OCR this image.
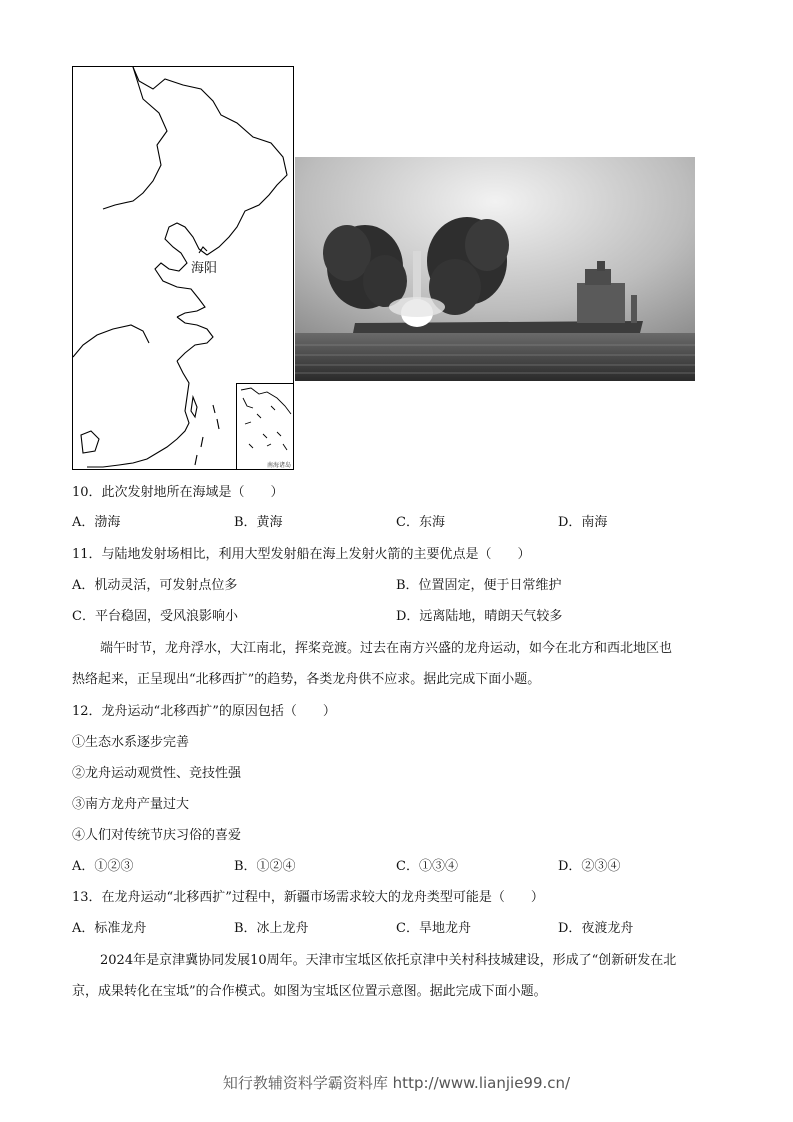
南海诸岛
海阳
10．此次发射地所在海域是（　　）
A．渤海	B．黄海	C．东海	D．南海
11．与陆地发射场相比，利用大型发射船在海上发射火箭的主要优点是（　　）
A．机动灵活，可发射点位多	B．位置固定，便于日常维护
C．平台稳固，受风浪影响小	D．远离陆地，晴朗天气较多
端午时节，龙舟浮水，大江南北，挥桨竞渡。过去在南方兴盛的龙舟运动，如今在北方和西北地区也
热络起来，正呈现出“北移西扩”的趋势，各类龙舟供不应求。据此完成下面小题。
12．龙舟运动“北移西扩”的原因包括（　　）
①生态水系逐步完善
②龙舟运动观赏性、竞技性强
③南方龙舟产量过大
④人们对传统节庆习俗的喜爱
A．①②③	B．①②④	C．①③④	D．②③④
13．在龙舟运动“北移西扩”过程中，新疆市场需求较大的龙舟类型可能是（　　）
A．标准龙舟	B．冰上龙舟	C．旱地龙舟	D．夜渡龙舟
2024年是京津冀协同发展10周年。天津市宝坻区依托京津中关村科技城建设，形成了“创新研发在北
京，成果转化在宝坻”的合作模式。如图为宝坻区位置示意图。据此完成下面小题。
知行教辅资料学霸资料库 http://www.lianjie99.cn/
